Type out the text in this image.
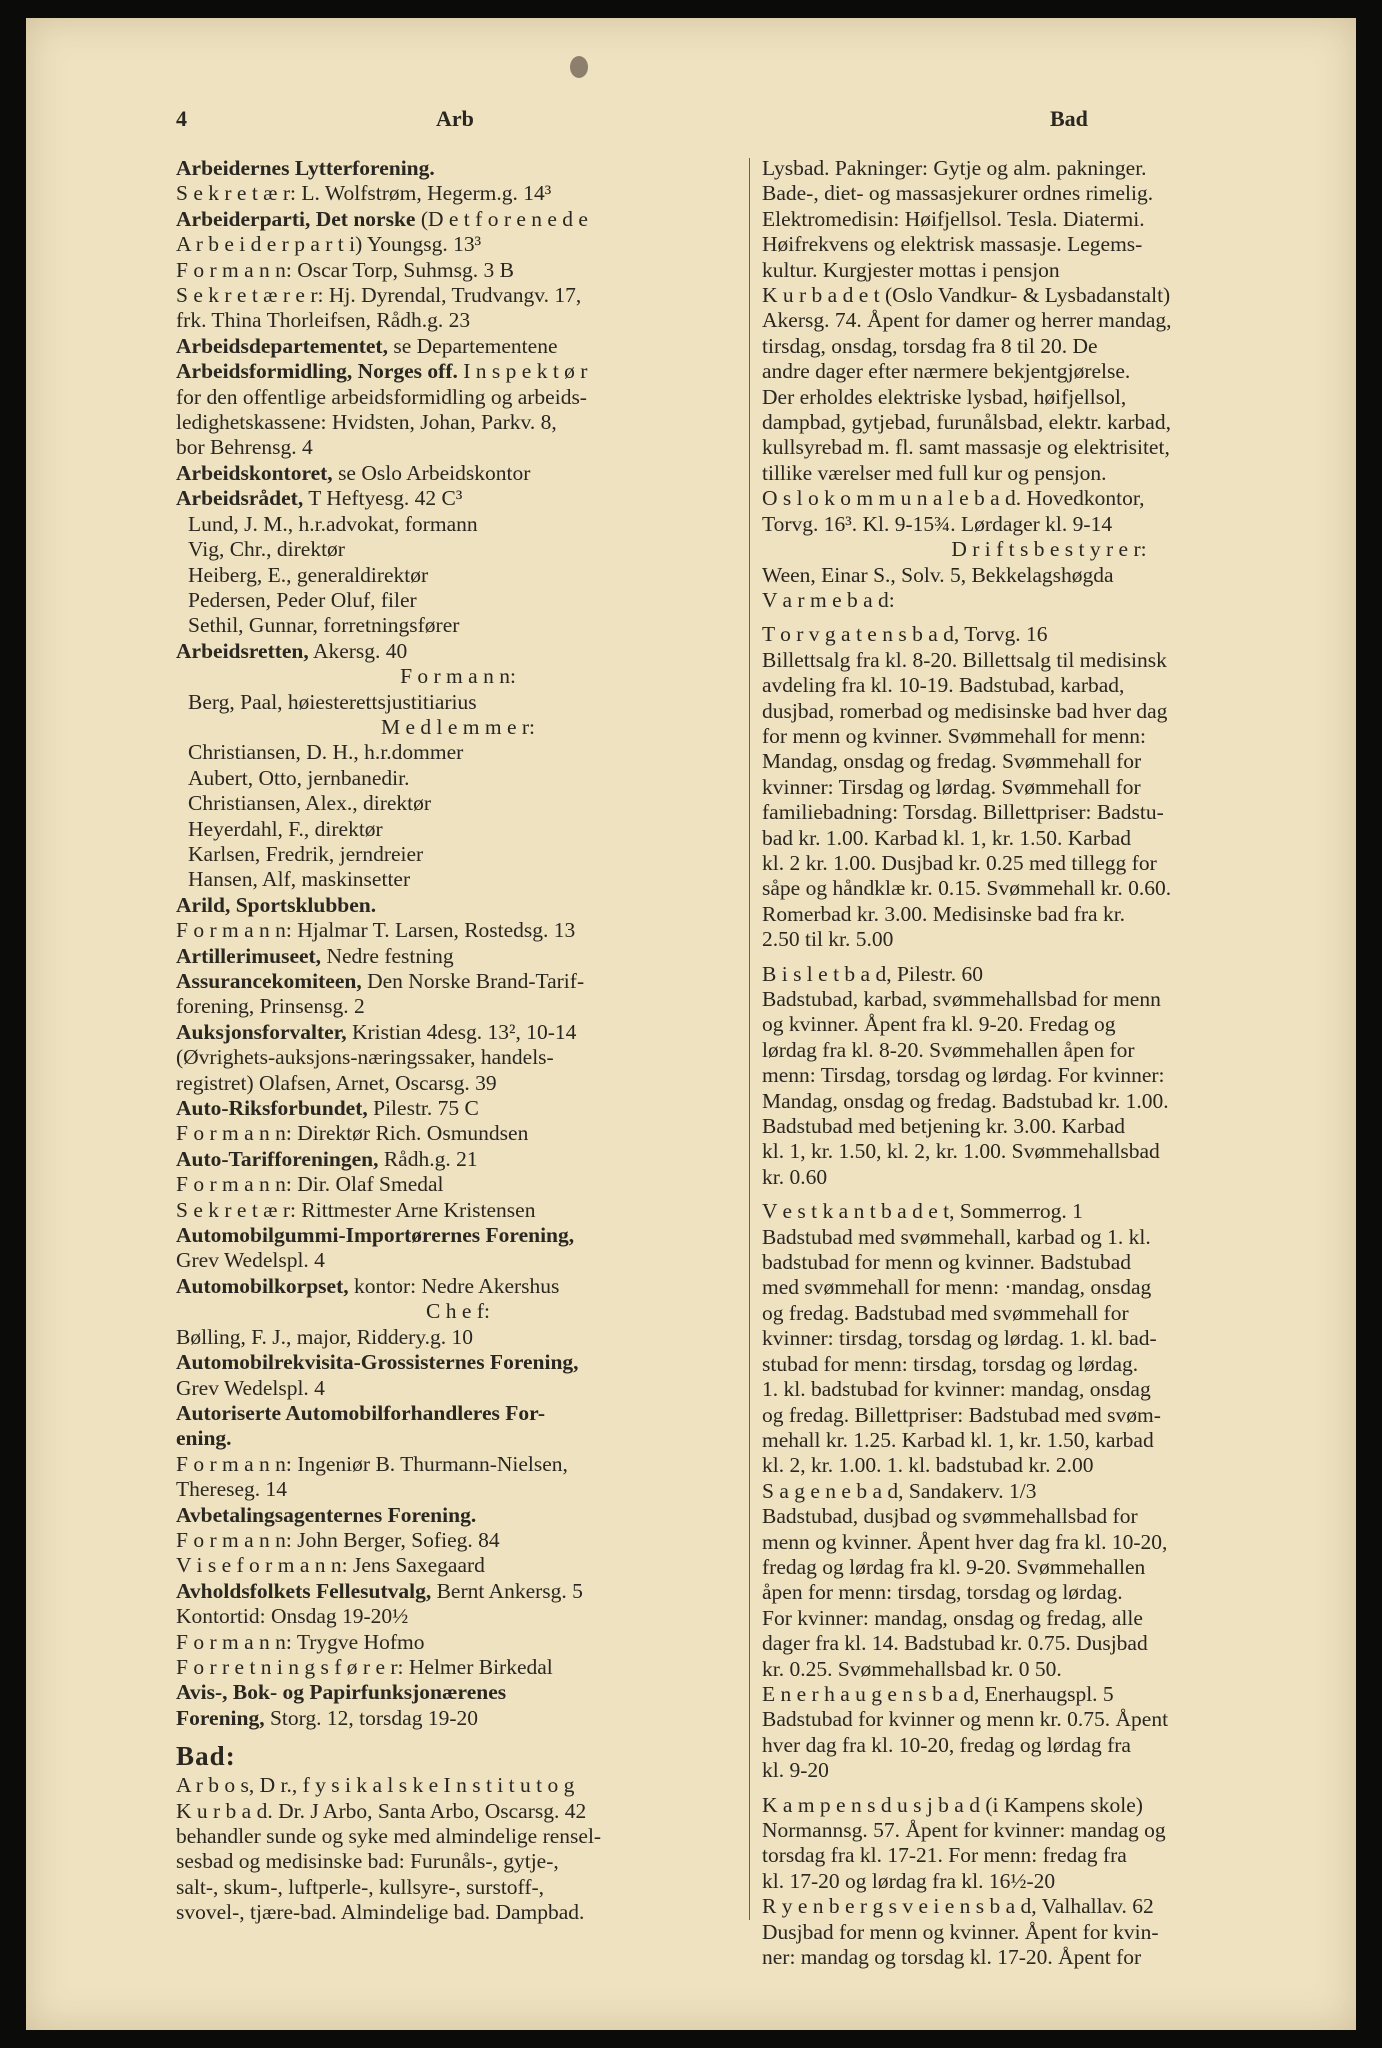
4	Arb	Bad
Arbeidernes Lytterforening.
S e k r e t æ r: L. Wolfstrøm, Hegerm.g. 14³
Arbeiderparti, Det norske (D e t f o r e n e d e
A r b e i d e r p a r t i) Youngsg. 13³
F o r m a n n: Oscar Torp, Suhmsg. 3 B
S e k r e t æ r e r: Hj. Dyrendal, Trudvangv. 17,
frk. Thina Thorleifsen, Rådh.g. 23
Arbeidsdepartementet, se Departementene
Arbeidsformidling, Norges off. I n s p e k t ø r
for den offentlige arbeidsformidling og arbeids-
ledighetskassene: Hvidsten, Johan, Parkv. 8,
bor Behrensg. 4
Arbeidskontoret, se Oslo Arbeidskontor
Arbeidsrådet, T Heftyesg. 42 C³
Lund, J. M., h.r.advokat, formann
Vig, Chr., direktør
Heiberg, E., generaldirektør
Pedersen, Peder Oluf, filer
Sethil, Gunnar, forretningsfører
Arbeidsretten, Akersg. 40
F o r m a n n:
Berg, Paal, høiesterettsjustitiarius
M e d l e m m e r:
Christiansen, D. H., h.r.dommer
Aubert, Otto, jernbanedir.
Christiansen, Alex., direktør
Heyerdahl, F., direktør
Karlsen, Fredrik, jerndreier
Hansen, Alf, maskinsetter
Arild, Sportsklubben.
F o r m a n n: Hjalmar T. Larsen, Rostedsg. 13
Artillerimuseet, Nedre festning
Assurancekomiteen, Den Norske Brand-Tarif-
forening, Prinsensg. 2
Auksjonsforvalter, Kristian 4desg. 13², 10-14
(Øvrighets-auksjons-næringssaker, handels-
registret) Olafsen, Arnet, Oscarsg. 39
Auto-Riksforbundet, Pilestr. 75 C
F o r m a n n: Direktør Rich. Osmundsen
Auto-Tarifforeningen, Rådh.g. 21
F o r m a n n: Dir. Olaf Smedal
S e k r e t æ r: Rittmester Arne Kristensen
Automobilgummi-Importørernes Forening,
Grev Wedelspl. 4
Automobilkorpset, kontor: Nedre Akershus
C h e f:
Bølling, F. J., major, Riddery.g. 10
Automobilrekvisita-Grossisternes Forening,
Grev Wedelspl. 4
Autoriserte Automobilforhandleres For-
ening.
F o r m a n n: Ingeniør B. Thurmann-Nielsen,
Thereseg. 14
Avbetalingsagenternes Forening.
F o r m a n n: John Berger, Sofieg. 84
V i s e f o r m a n n: Jens Saxegaard
Avholdsfolkets Fellesutvalg, Bernt Ankersg. 5
Kontortid: Onsdag 19-20½
F o r m a n n: Trygve Hofmo
F o r r e t n i n g s f ø r e r: Helmer Birkedal
Avis-, Bok- og Papirfunksjonærenes
Forening, Storg. 12, torsdag 19-20
Bad:
A r b o s, D r., f y s i k a l s k e I n s t i t u t o g
K u r b a d. Dr. J Arbo, Santa Arbo, Oscarsg. 42
behandler sunde og syke med almindelige rensel-
sesbad og medisinske bad: Furunåls-, gytje-,
salt-, skum-, luftperle-, kullsyre-, surstoff-,
svovel-, tjære-bad. Almindelige bad. Dampbad.
Lysbad. Pakninger: Gytje og alm. pakninger.
Bade-, diet- og massasjekurer ordnes rimelig.
Elektromedisin: Høifjellsol. Tesla. Diatermi.
Høifrekvens og elektrisk massasje. Legems-
kultur. Kurgjester mottas i pensjon
K u r b a d e t (Oslo Vandkur- & Lysbadanstalt)
Akersg. 74. Åpent for damer og herrer mandag,
tirsdag, onsdag, torsdag fra 8 til 20. De
andre dager efter nærmere bekjentgjørelse.
Der erholdes elektriske lysbad, høifjellsol,
dampbad, gytjebad, furunålsbad, elektr. karbad,
kullsyrebad m. fl. samt massasje og elektrisitet,
tillike værelser med full kur og pensjon.
O s l o k o m m u n a l e b a d. Hovedkontor,
Torvg. 16³. Kl. 9-15¾. Lørdager kl. 9-14
D r i f t s b e s t y r e r:
Ween, Einar S., Solv. 5, Bekkelagshøgda
V a r m e b a d:
T o r v g a t e n s b a d, Torvg. 16
Billettsalg fra kl. 8-20. Billettsalg til medisinsk
avdeling fra kl. 10-19. Badstubad, karbad,
dusjbad, romerbad og medisinske bad hver dag
for menn og kvinner. Svømmehall for menn:
Mandag, onsdag og fredag. Svømmehall for
kvinner: Tirsdag og lørdag. Svømmehall for
familiebadning: Torsdag. Billettpriser: Badstu-
bad kr. 1.00. Karbad kl. 1, kr. 1.50. Karbad
kl. 2 kr. 1.00. Dusjbad kr. 0.25 med tillegg for
såpe og håndklæ kr. 0.15. Svømmehall kr. 0.60.
Romerbad kr. 3.00. Medisinske bad fra kr.
2.50 til kr. 5.00
B i s l e t b a d, Pilestr. 60
Badstubad, karbad, svømmehallsbad for menn
og kvinner. Åpent fra kl. 9-20. Fredag og
lørdag fra kl. 8-20. Svømmehallen åpen for
menn: Tirsdag, torsdag og lørdag. For kvinner:
Mandag, onsdag og fredag. Badstubad kr. 1.00.
Badstubad med betjening kr. 3.00. Karbad
kl. 1, kr. 1.50, kl. 2, kr. 1.00. Svømmehallsbad
kr. 0.60
V e s t k a n t b a d e t, Sommerrog. 1
Badstubad med svømmehall, karbad og 1. kl.
badstubad for menn og kvinner. Badstubad
med svømmehall for menn: ·mandag, onsdag
og fredag. Badstubad med svømmehall for
kvinner: tirsdag, torsdag og lørdag. 1. kl. bad-
stubad for menn: tirsdag, torsdag og lørdag.
1. kl. badstubad for kvinner: mandag, onsdag
og fredag. Billettpriser: Badstubad med svøm-
mehall kr. 1.25. Karbad kl. 1, kr. 1.50, karbad
kl. 2, kr. 1.00. 1. kl. badstubad kr. 2.00
S a g e n e b a d, Sandakerv. 1/3
Badstubad, dusjbad og svømmehallsbad for
menn og kvinner. Åpent hver dag fra kl. 10-20,
fredag og lørdag fra kl. 9-20. Svømmehallen
åpen for menn: tirsdag, torsdag og lørdag.
For kvinner: mandag, onsdag og fredag, alle
dager fra kl. 14. Badstubad kr. 0.75. Dusjbad
kr. 0.25. Svømmehallsbad kr. 0 50.
E n e r h a u g e n s b a d, Enerhaugspl. 5
Badstubad for kvinner og menn kr. 0.75. Åpent
hver dag fra kl. 10-20, fredag og lørdag fra
kl. 9-20
K a m p e n s d u s j b a d (i Kampens skole)
Normannsg. 57. Åpent for kvinner: mandag og
torsdag fra kl. 17-21. For menn: fredag fra
kl. 17-20 og lørdag fra kl. 16½-20
R y e n b e r g s v e i e n s b a d, Valhallav. 62
Dusjbad for menn og kvinner. Åpent for kvin-
ner: mandag og torsdag kl. 17-20. Åpent for
